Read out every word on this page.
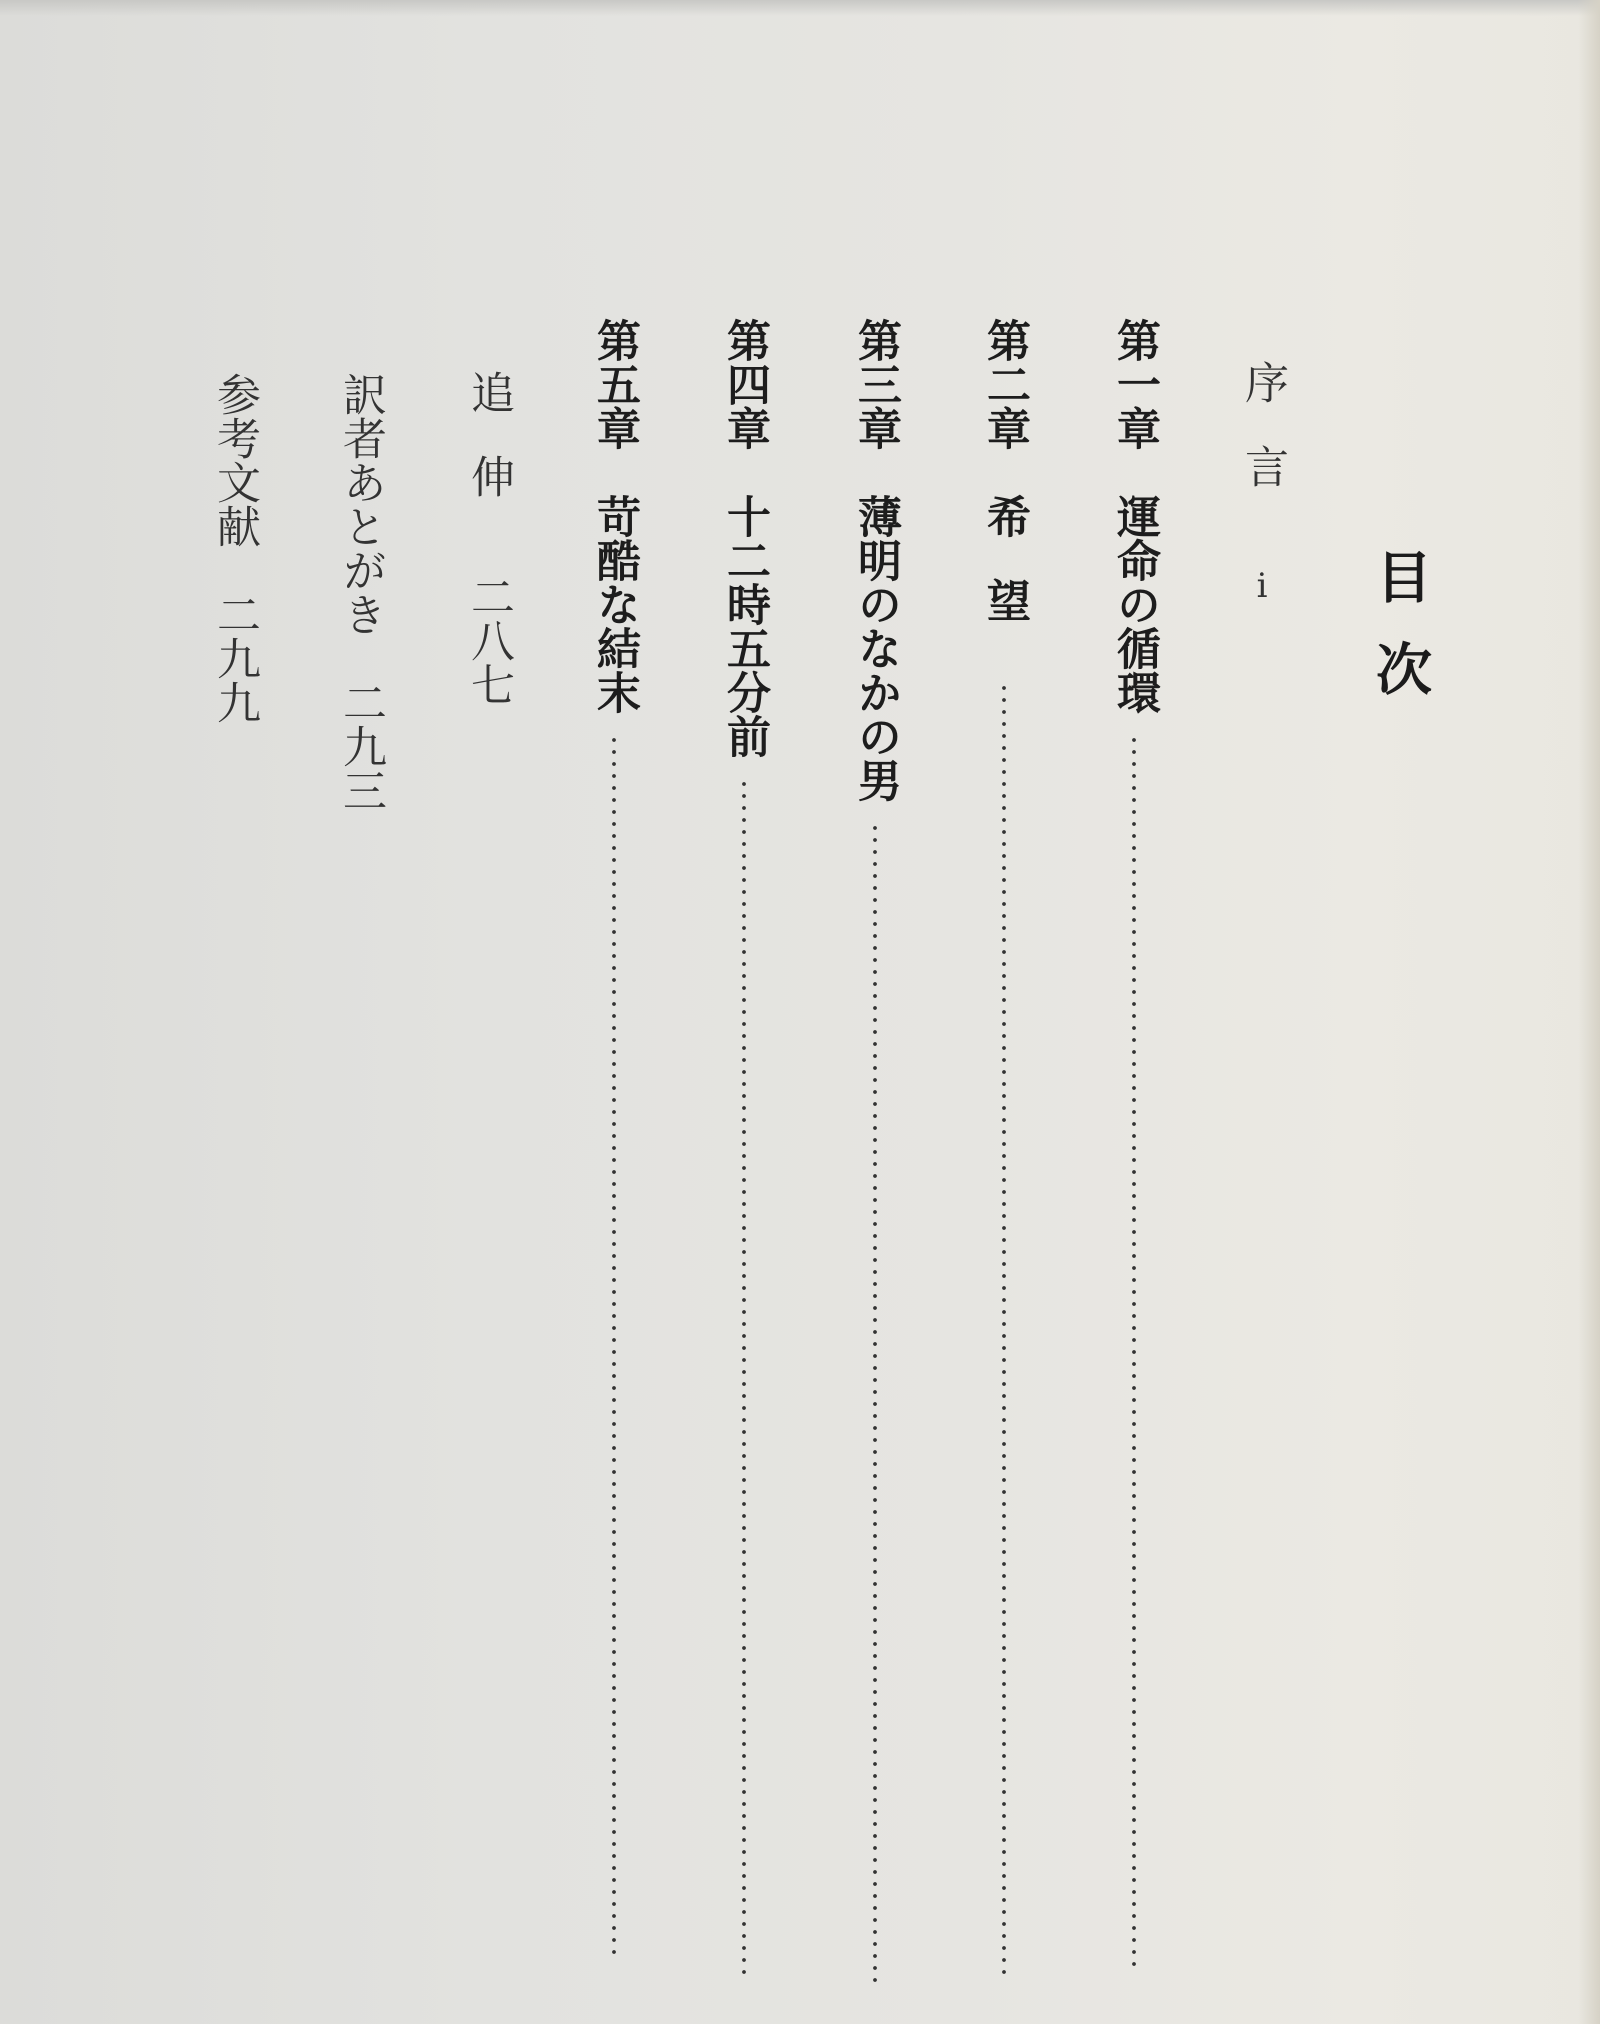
目次
序言
i
第一章
運命の循環
第二章
希望
第三章
薄明のなかの男
第四章
十二時五分前
第五章
苛酷な結末
追伸
二八七
訳者あとがき
二九三
参考文献
二九九
